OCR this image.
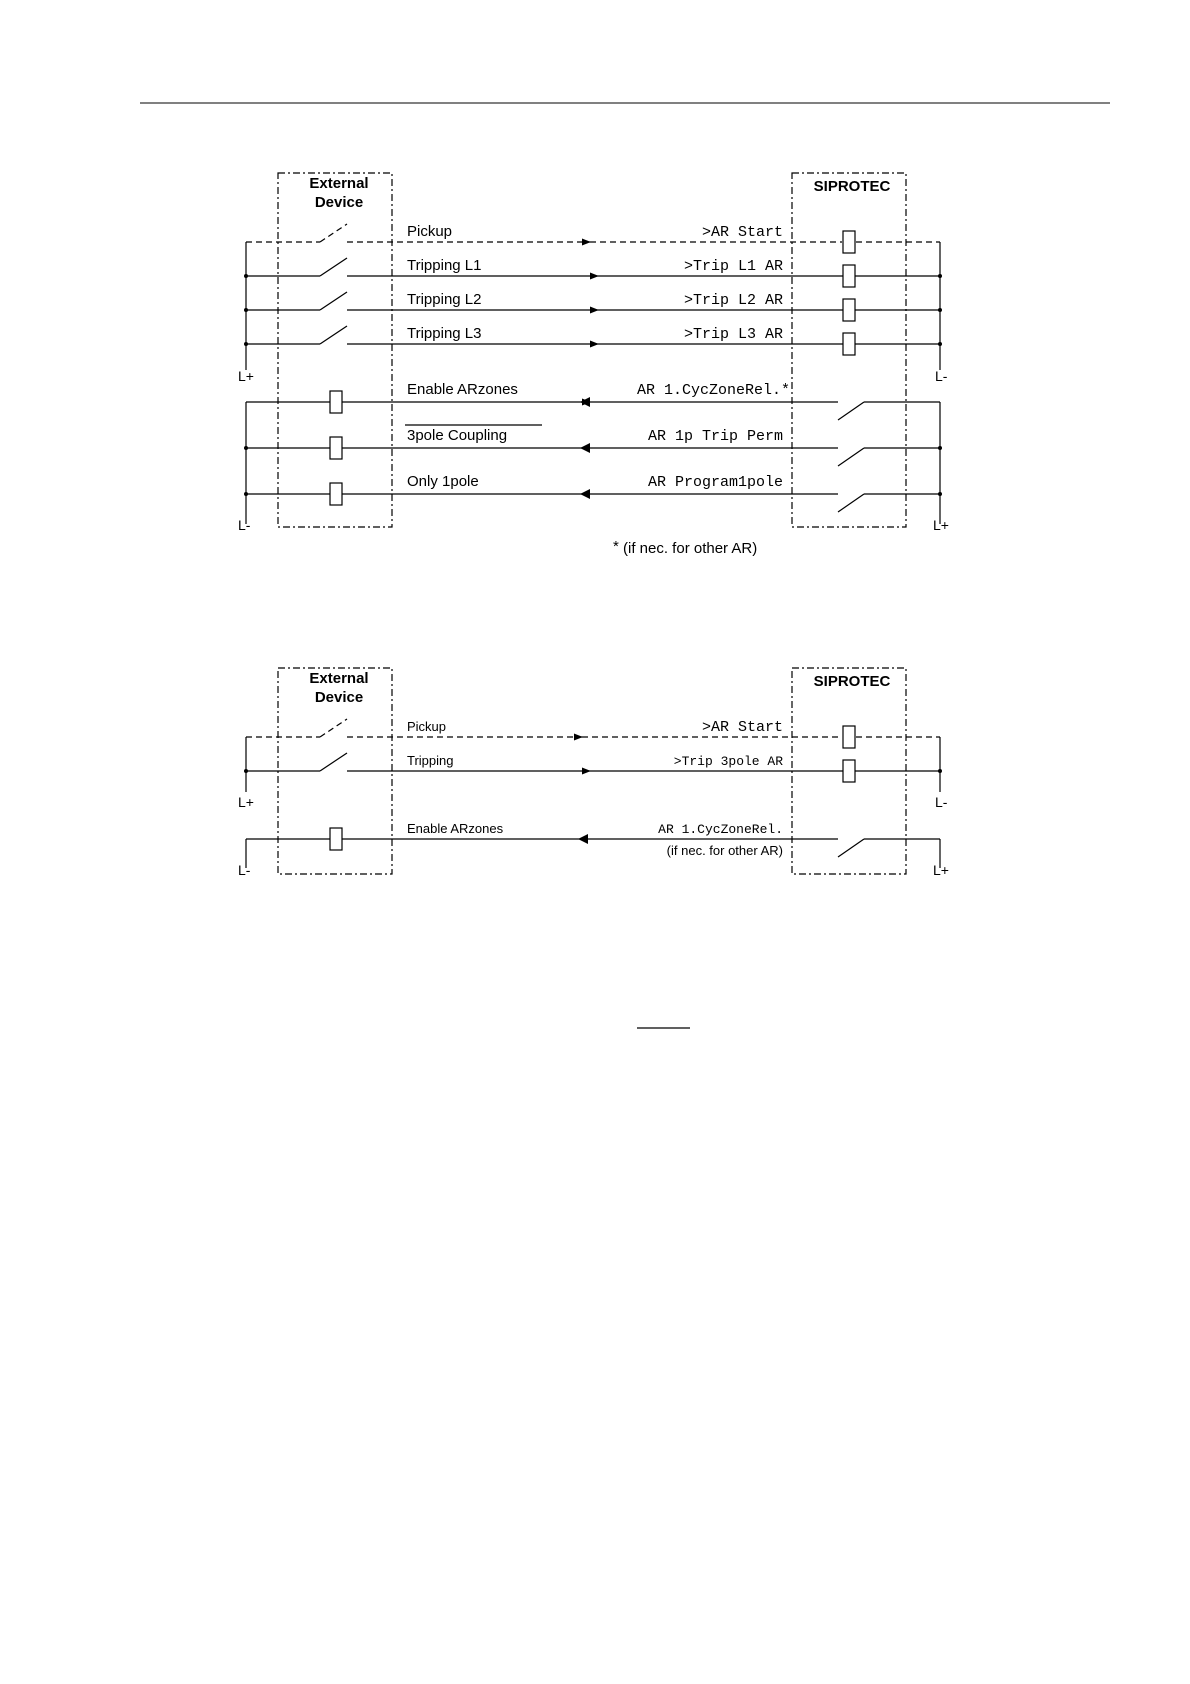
External
Device
SIPROTEC
Pickup	>AR Start
Tripping L1	>Trip L1 AR
Tripping L2	>Trip L2 AR
Tripping L3	>Trip L3 AR
Enable ARzones	AR 1.CycZoneRel.*
3pole Coupling	AR 1p Trip Perm
Only 1pole	AR Program1pole
L+	L-
L-	L+
* (if nec. for other AR)
External
Device
SIPROTEC
Pickup	>AR Start
Tripping	>Trip 3pole AR
Enable ARzones	AR 1.CycZoneRel.
(if nec. for other AR)
L+	L-
L-	L+
